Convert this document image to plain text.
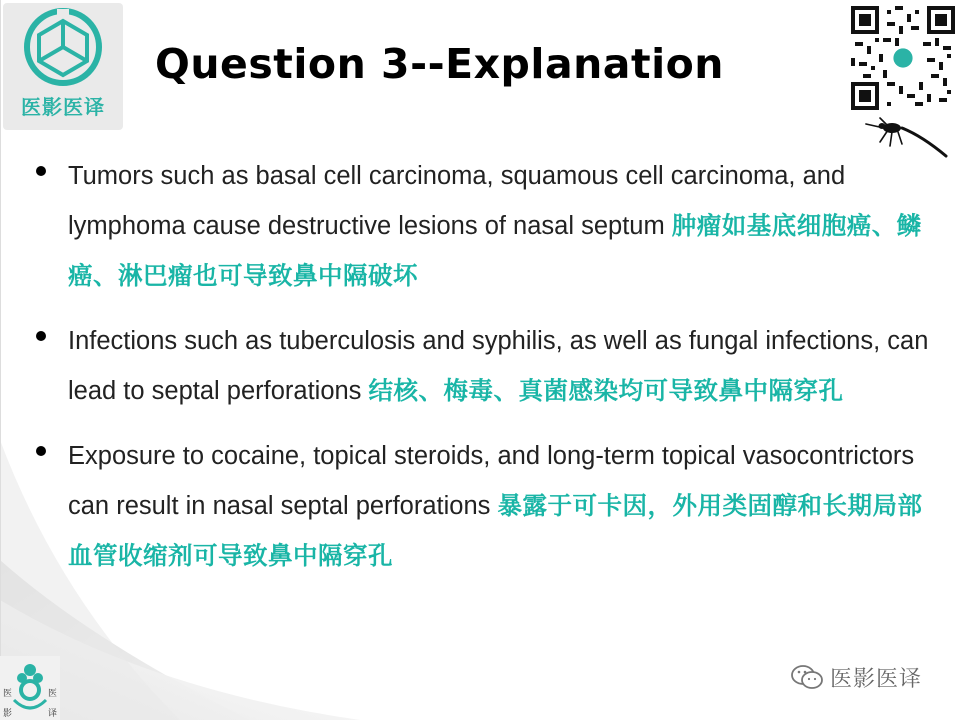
医影医译
Question 3--Explanation
Tumors such as basal cell carcinoma, squamous cell carcinoma, and lymphoma cause destructive lesions of nasal septum 肿瘤如基底细胞癌、鳞癌、淋巴瘤也可导致鼻中隔破坏
Infections such as tuberculosis and syphilis, as well as fungal infections, can lead to septal perforations 结核、梅毒、真菌感染均可导致鼻中隔穿孔
Exposure to cocaine, topical steroids, and long-term topical vasocontrictors can result in nasal septal perforations 暴露于可卡因，外用类固醇和长期局部血管收缩剂可导致鼻中隔穿孔
医	医
影	译
医影医译
